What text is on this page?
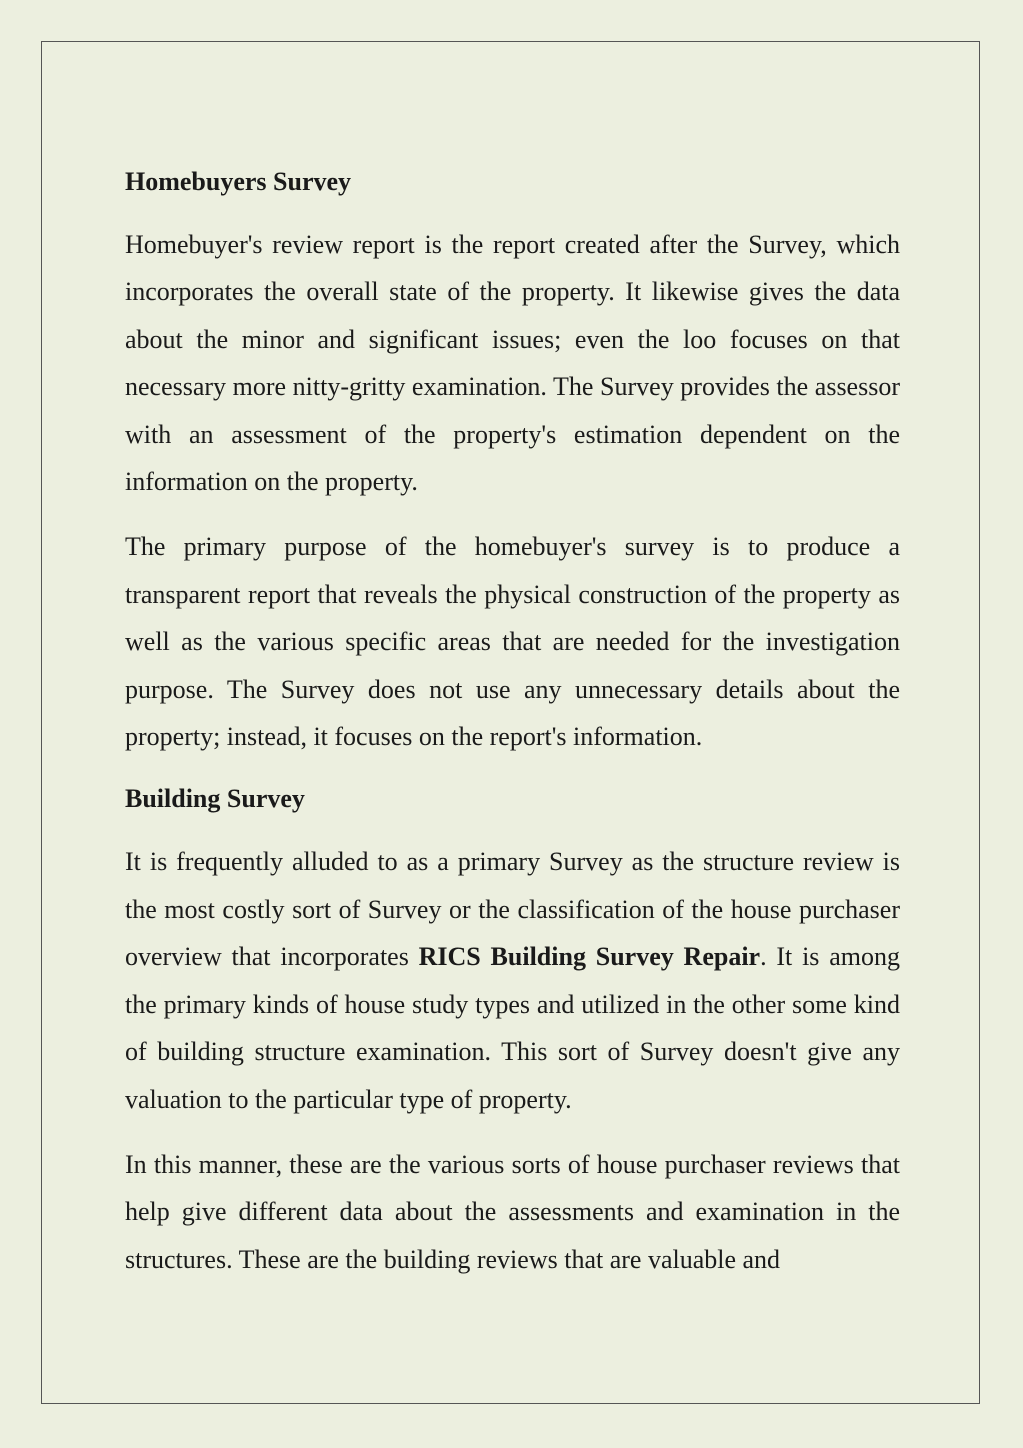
Homebuyers Survey

Homebuyer's review report is the report created after the Survey, which incorporates the overall state of the property. It likewise gives the data about the minor and significant issues; even the loo focuses on that necessary more nitty-gritty examination. The Survey provides the assessor with an assessment of the property's estimation dependent on the information on the property.

The primary purpose of the homebuyer's survey is to produce a transparent report that reveals the physical construction of the property as well as the various specific areas that are needed for the investigation purpose. The Survey does not use any unnecessary details about the property; instead, it focuses on the report's information.

Building Survey

It is frequently alluded to as a primary Survey as the structure review is the most costly sort of Survey or the classification of the house purchaser overview that incorporates RICS Building Survey Repair. It is among the primary kinds of house study types and utilized in the other some kind of building structure examination. This sort of Survey doesn't give any valuation to the particular type of property.

In this manner, these are the various sorts of house purchaser reviews that help give different data about the assessments and examination in the structures. These are the building reviews that are valuable and
